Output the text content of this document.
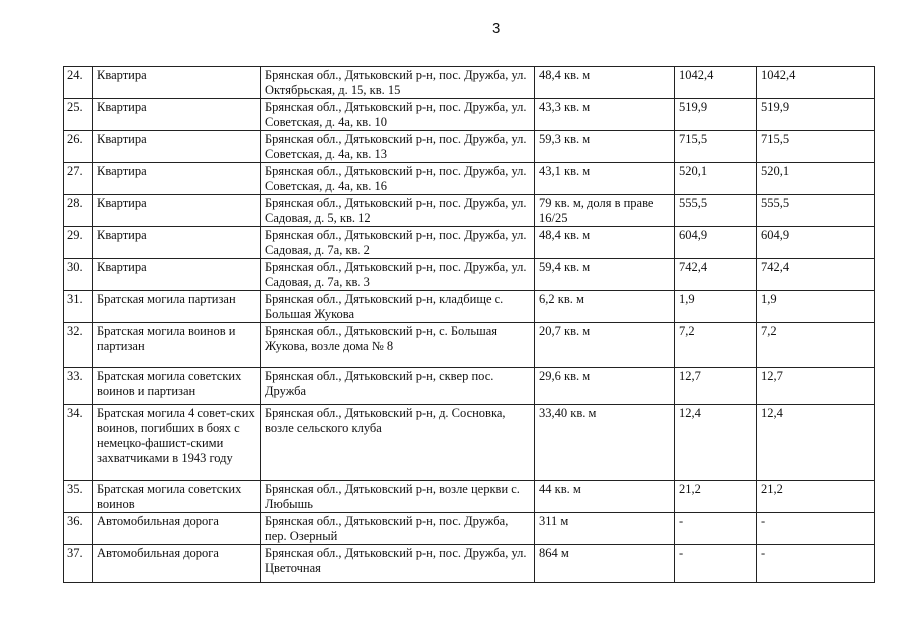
3
24.	Квартира	Брянская обл., Дятьковский р-н, пос. Дружба, ул. Октябрьская, д. 15, кв. 15	48,4 кв. м	1042,4	1042,4
25.	Квартира	Брянская обл., Дятьковский р-н, пос. Дружба, ул. Советская, д. 4а, кв. 10	43,3 кв. м	519,9	519,9
26.	Квартира	Брянская обл., Дятьковский р-н, пос. Дружба, ул. Советская, д. 4а, кв. 13	59,3 кв. м	715,5	715,5
27.	Квартира	Брянская обл., Дятьковский р-н, пос. Дружба, ул. Советская, д. 4а, кв. 16	43,1 кв. м	520,1	520,1
28.	Квартира	Брянская обл., Дятьковский р-н, пос. Дружба, ул. Садовая, д. 5, кв. 12	79 кв. м, доля в праве 16/25	555,5	555,5
29.	Квартира	Брянская обл., Дятьковский р-н, пос. Дружба, ул. Садовая, д. 7а, кв. 2	48,4 кв. м	604,9	604,9
30.	Квартира	Брянская обл., Дятьковский р-н, пос. Дружба, ул. Садовая, д. 7а, кв. 3	59,4 кв. м	742,4	742,4
31.	Братская могила партизан	Брянская обл., Дятьковский р-н, кладбище с. Большая Жукова	6,2 кв. м	1,9	1,9
32.	Братская могила воинов и партизан	Брянская обл., Дятьковский р-н, с. Большая Жукова, возле дома № 8	20,7 кв. м	7,2	7,2
33.	Братская могила советских воинов и партизан	Брянская обл., Дятьковский р-н, сквер пос. Дружба	29,6 кв. м	12,7	12,7
34.	Братская могила 4 совет-ских воинов, погибших в боях с немецко-фашист-скими захватчиками в 1943 году	Брянская обл., Дятьковский р-н, д. Сосновка, возле сельского клуба	33,40 кв. м	12,4	12,4
35.	Братская могила советских воинов	Брянская обл., Дятьковский р-н, возле церкви с. Любышь	44 кв. м	21,2	21,2
36.	Автомобильная дорога	Брянская обл., Дятьковский р-н, пос. Дружба, пер. Озерный	311 м	-	-
37.	Автомобильная дорога	Брянская обл., Дятьковский р-н, пос. Дружба, ул. Цветочная	864 м	-	-
